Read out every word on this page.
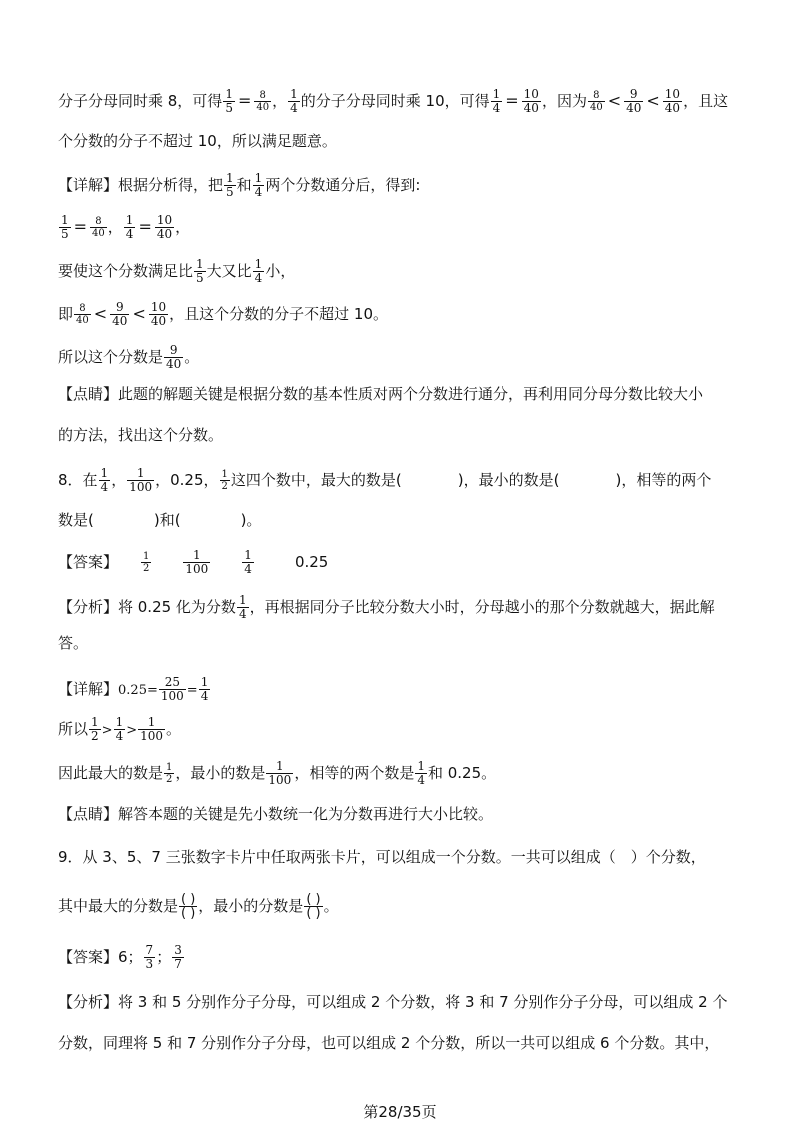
分子分母同时乘 8，可得 $\frac{1}{5} = \frac{8}{40}$ ， $\frac{1}{4}$ 的分子分母同时乘 10，可得 $\frac{1}{4} = \frac{10}{40}$ ，因为 $\frac{8}{40} < \frac{9}{40} < \frac{10}{40}$ ，且这
个分数的分子不超过 10，所以满足题意。
【详解】根据分析得，把 $\frac{1}{5}$ 和 $\frac{1}{4}$ 两个分数通分后，得到:
$\frac{1}{5} = \frac{8}{40}$ ， $\frac{1}{4} = \frac{10}{40}$ ，
要使这个分数满足比 $\frac{1}{5}$ 大又比 $\frac{1}{4}$ 小，
即 $\frac{8}{40} < \frac{9}{40} < \frac{10}{40}$ ，且这个分数的分子不超过 10。
所以这个分数是 $\frac{9}{40}$ 。
【点睛】此题的解题关键是根据分数的基本性质对两个分数进行通分，再利用同分母分数比较大小
的方法，找出这个分数。
8．在 $\frac{1}{4}$ ， $\frac{1}{100}$ ，0.25， $\frac{1}{2}$ 这四个数中，最大的数是(	)，最小的数是(	)，相等的两个
数是(	)和(	)。
【答案】 $\frac{1}{2}$	$\frac{1}{100}$	$\frac{1}{4}$	0.25
【分析】将 0.25 化为分数 $\frac{1}{4}$ ，再根据同分子比较分数大小时，分母越小的那个分数就越大，据此解
答。
【详解】$0.25= \frac{25}{100} = \frac{1}{4}$
所以 $\frac{1}{2} > \frac{1}{4} > \frac{1}{100}$ 。
因此最大的数是 $\frac{1}{2}$ ，最小的数是 $\frac{1}{100}$ ，相等的两个数是 $\frac{1}{4}$ 和 0.25。
【点睛】解答本题的关键是先小数统一化为分数再进行大小比较。
9．从 3、5、7 三张数字卡片中任取两张卡片，可以组成一个分数。一共可以组成（　）个分数，
其中最大的分数是 $\frac{( )}{( )}$ ，最小的分数是 $\frac{( )}{( )}$ 。
【答案】6； $\frac{7}{3}$ ； $\frac{3}{7}$
【分析】将 3 和 5 分别作分子分母，可以组成 2 个分数，将 3 和 7 分别作分子分母，可以组成 2 个
分数，同理将 5 和 7 分别作分子分母，也可以组成 2 个分数，所以一共可以组成 6 个分数。其中，
第28/35页
